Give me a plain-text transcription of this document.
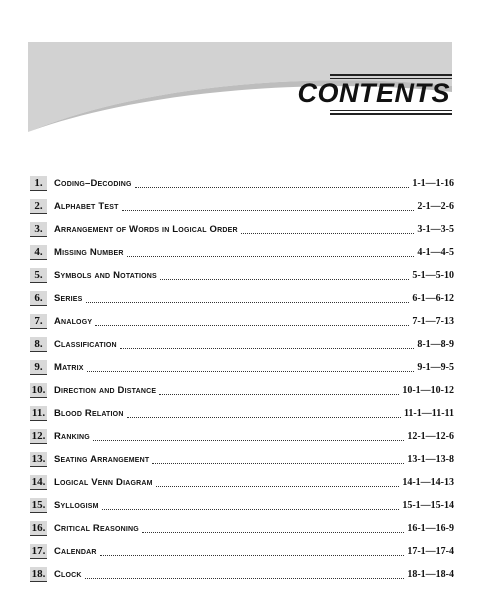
CONTENTS
1.	Coding–Decoding	1-1—1-16
2.	Alphabet Test	2-1—2-6
3.	Arrangement of Words in Logical Order	3-1—3-5
4.	Missing Number	4-1—4-5
5.	Symbols and Notations	5-1—5-10
6.	Series	6-1—6-12
7.	Analogy	7-1—7-13
8.	Classification	8-1—8-9
9.	Matrix	9-1—9-5
10. Direction and Distance	10-1—10-12
11. Blood Relation	11-1—11-11
12. Ranking	12-1—12-6
13. Seating Arrangement	13-1—13-8
14. Logical Venn Diagram	14-1—14-13
15. Syllogism	15-1—15-14
16. Critical Reasoning	16-1—16-9
17. Calendar	17-1—17-4
18. Clock	18-1—18-4
